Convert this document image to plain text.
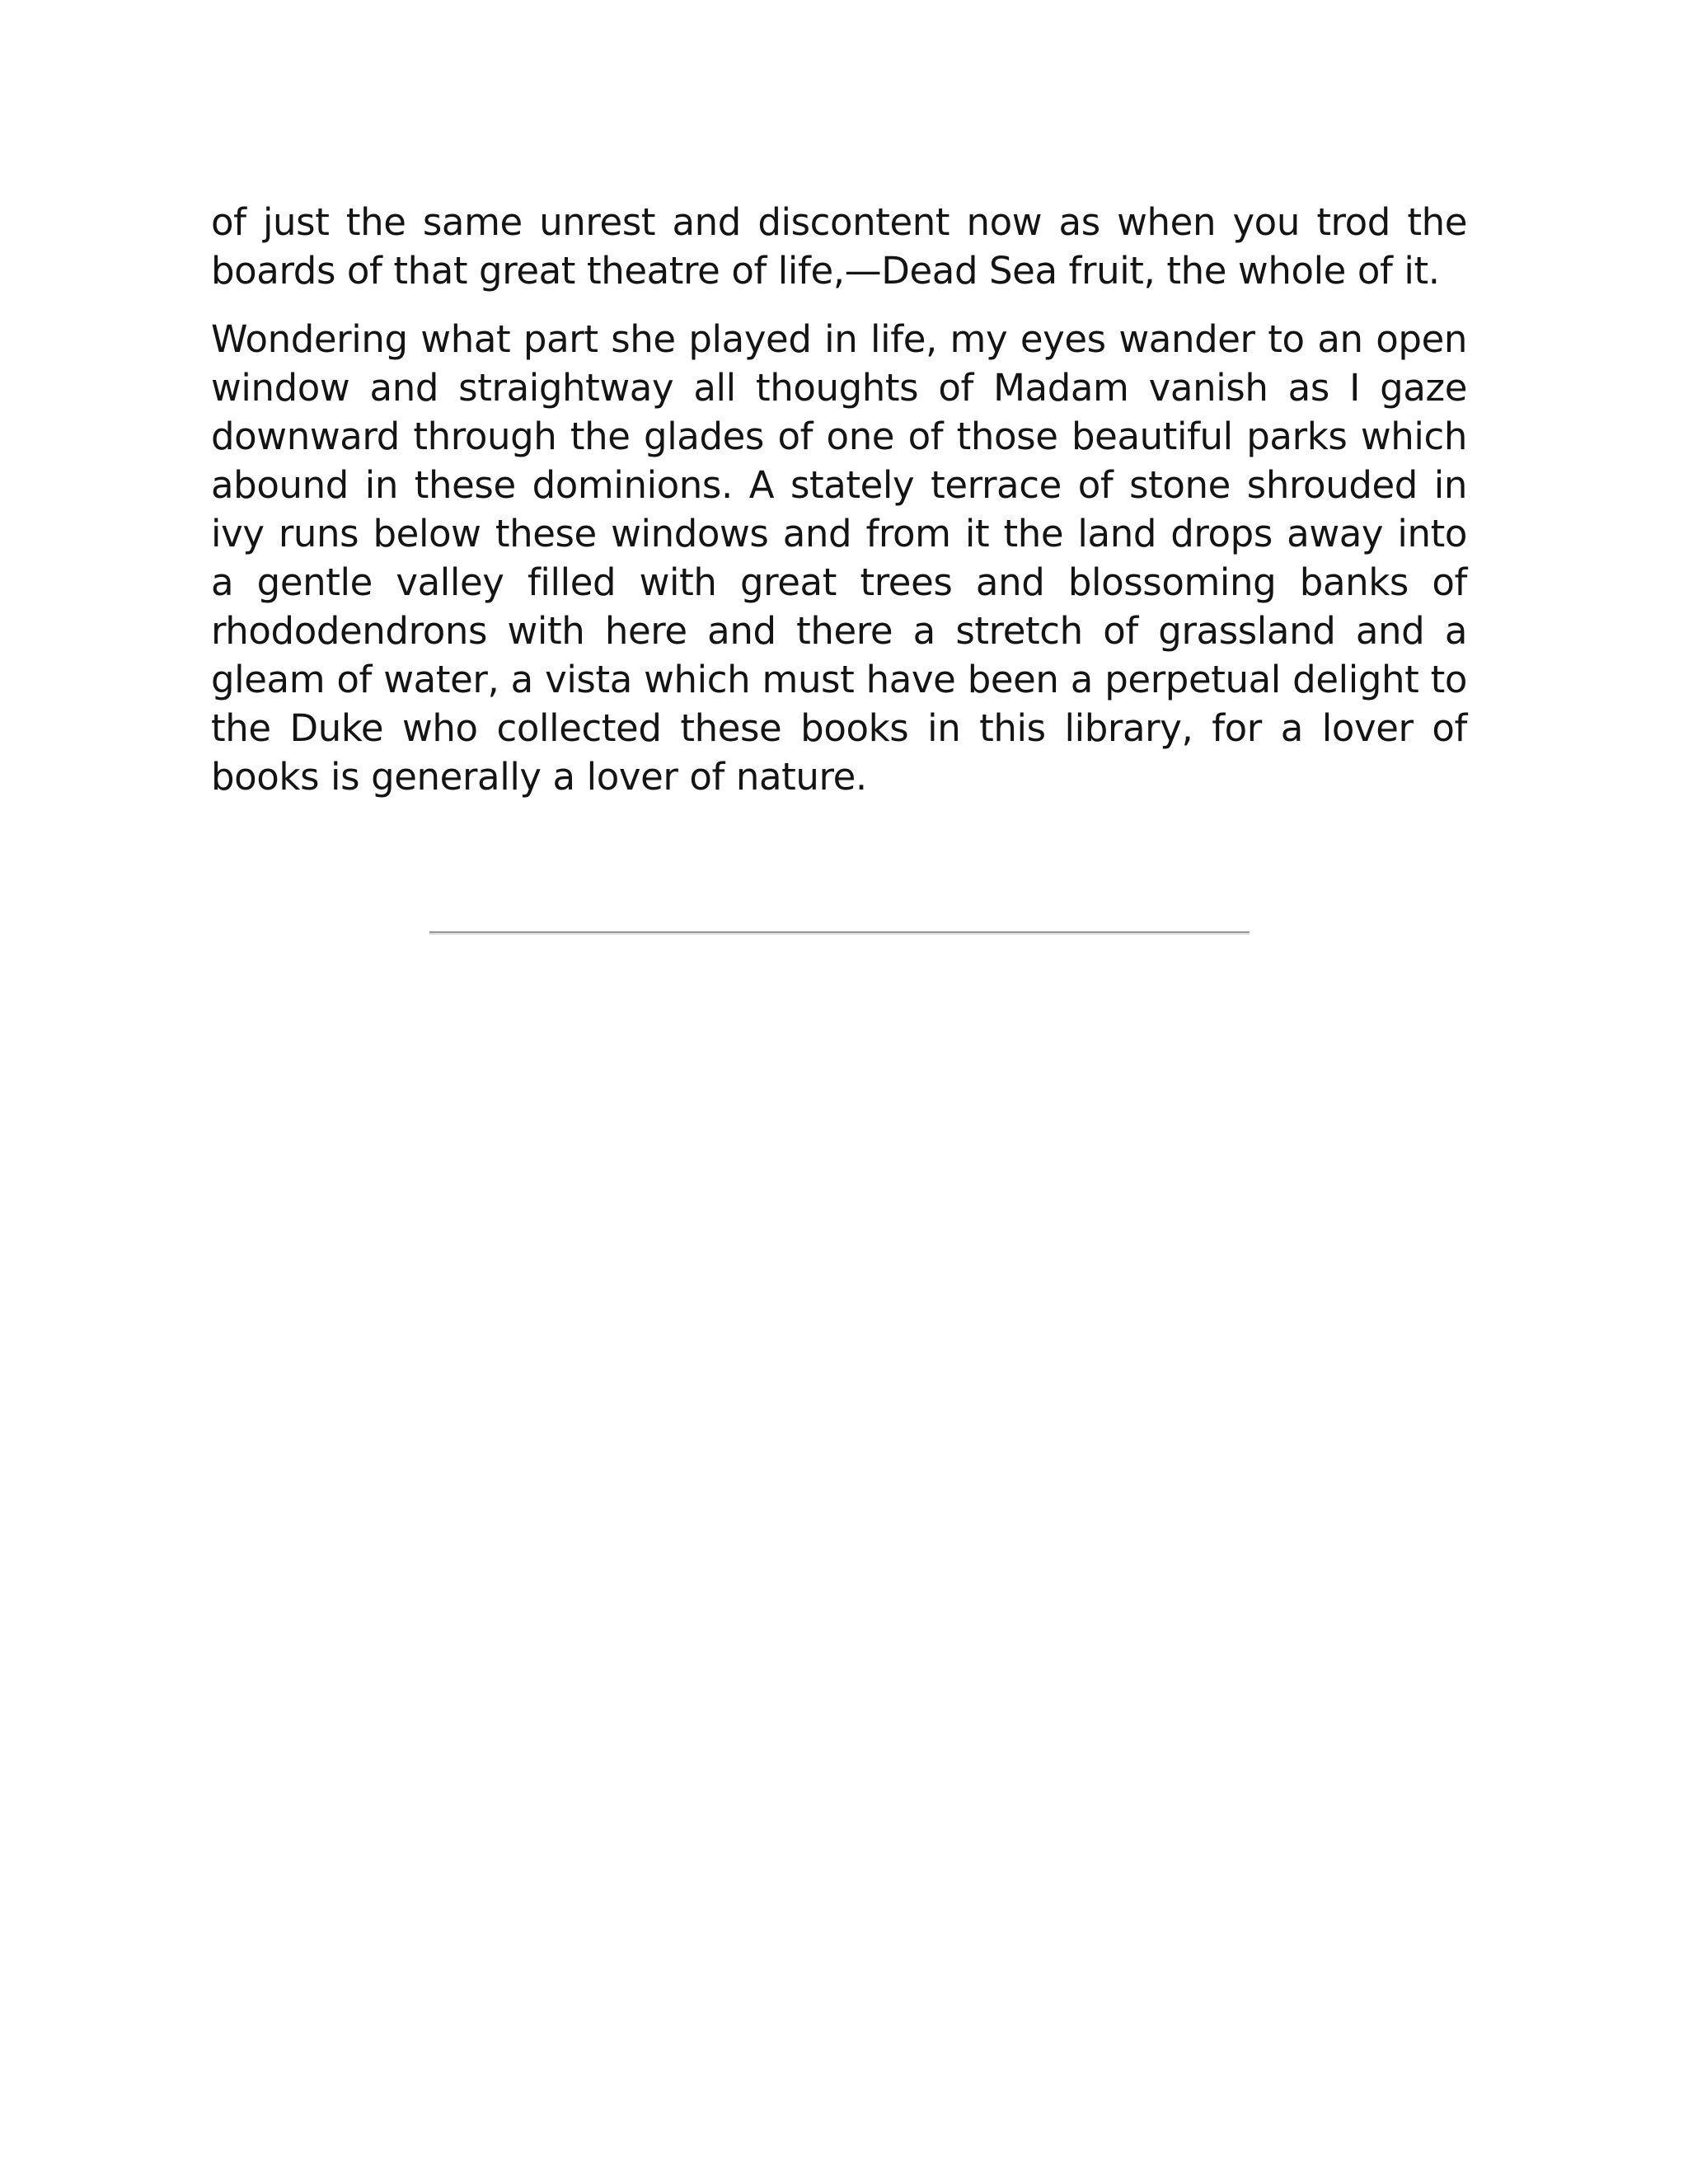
of just the same unrest and discontent now as when you trod the boards of that great theatre of life,—Dead Sea fruit, the whole of it.

Wondering what part she played in life, my eyes wander to an open window and straightway all thoughts of Madam vanish as I gaze downward through the glades of one of those beautiful parks which abound in these dominions. A stately terrace of stone shrouded in ivy runs below these windows and from it the land drops away into a gentle valley filled with great trees and blossoming banks of rhododendrons with here and there a stretch of grassland and a gleam of water, a vista which must have been a perpetual delight to the Duke who collected these books in this library, for a lover of books is generally a lover of nature.
